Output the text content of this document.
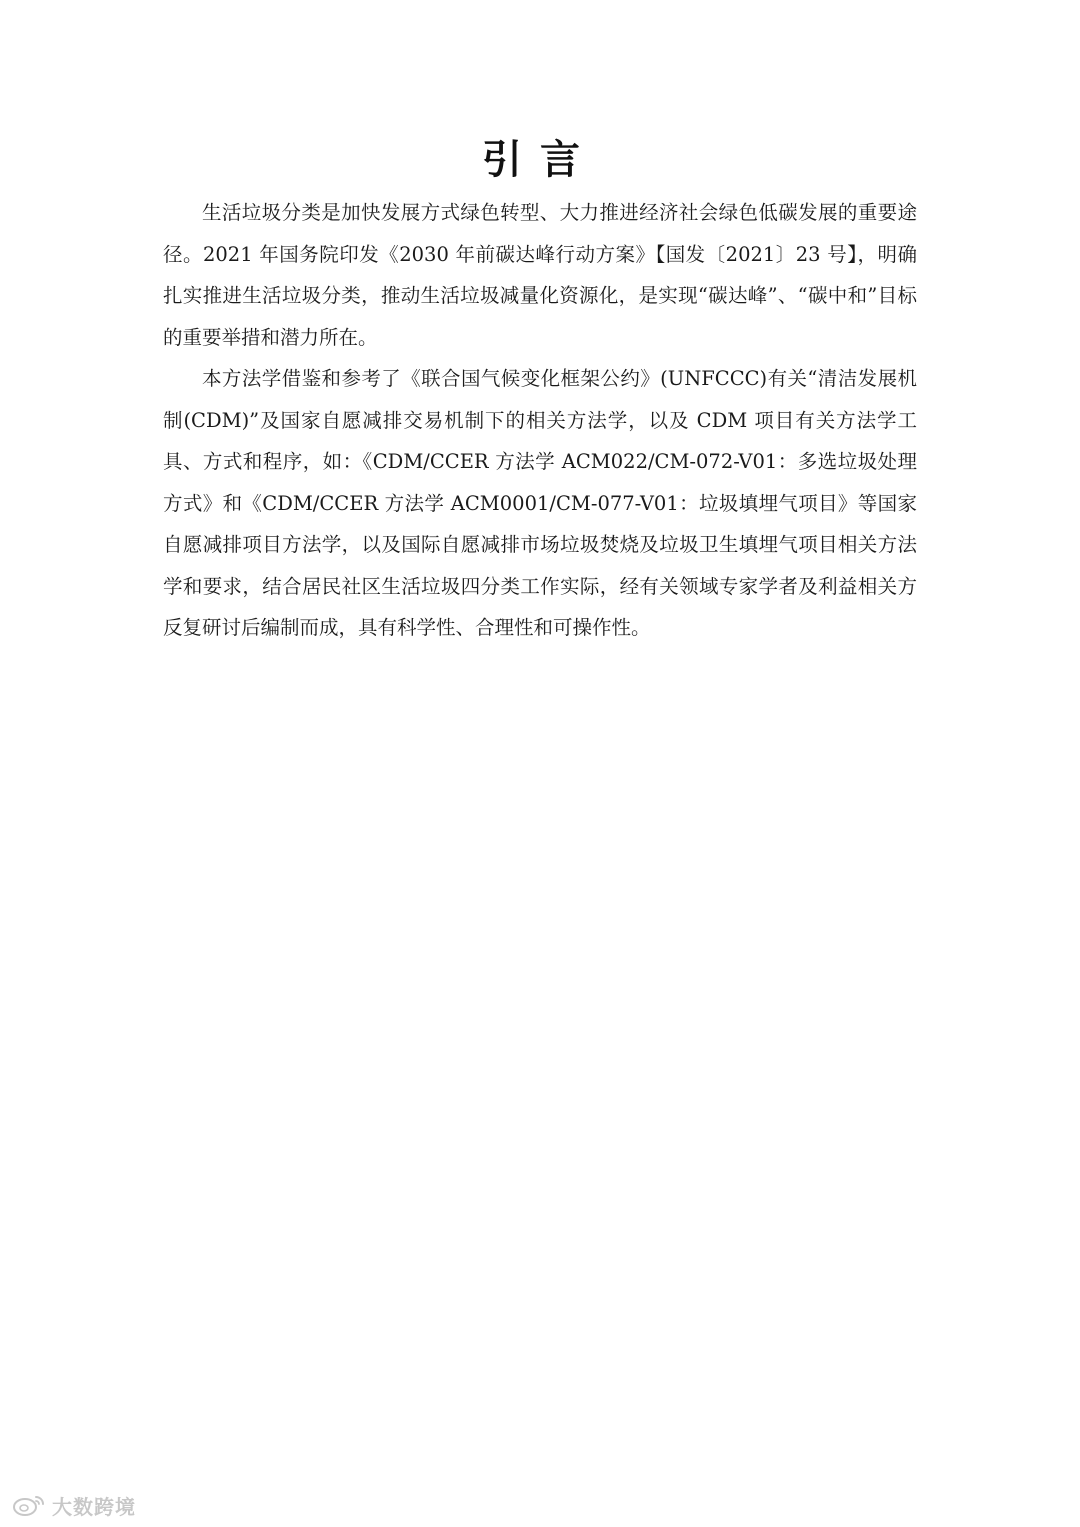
引言

生活垃圾分类是加快发展方式绿色转型、大力推进经济社会绿色低碳发展的重要途径。2021 年国务院印发《2030 年前碳达峰行动方案》【国发〔2021〕23 号】，明确扎实推进生活垃圾分类，推动生活垃圾减量化资源化，是实现“碳达峰”、“碳中和”目标的重要举措和潜力所在。

本方法学借鉴和参考了《联合国气候变化框架公约》(UNFCCC)有关“清洁发展机制(CDM)”及国家自愿减排交易机制下的相关方法学，以及 CDM 项目有关方法学工具、方式和程序，如：《CDM/CCER 方法学 ACM022/CM-072-V01：多选垃圾处理方式》和《CDM/CCER 方法学 ACM0001/CM-077-V01：垃圾填埋气项目》等国家自愿减排项目方法学，以及国际自愿减排市场垃圾焚烧及垃圾卫生填埋气项目相关方法学和要求，结合居民社区生活垃圾四分类工作实际，经有关领域专家学者及利益相关方反复研讨后编制而成，具有科学性、合理性和可操作性。

大数跨境
